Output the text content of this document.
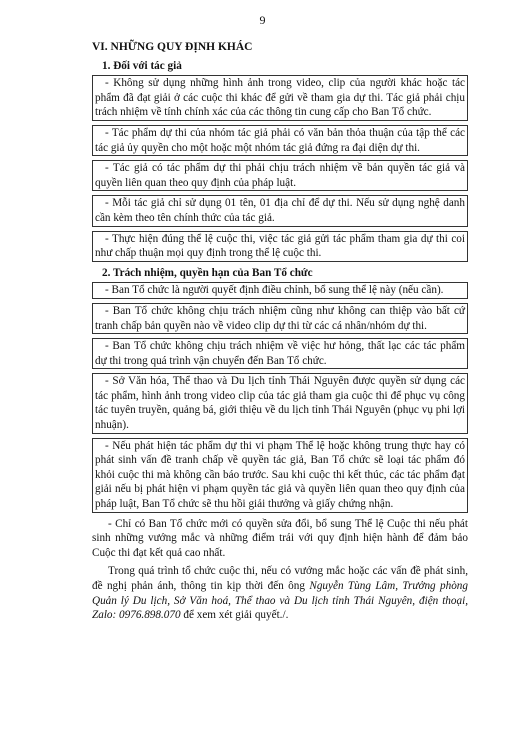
9
VI. NHỮNG QUY ĐỊNH KHÁC
1. Đối với tác giả
- Không sử dụng những hình ảnh trong video, clip của người khác hoặc tác phẩm đã đạt giải ở các cuộc thi khác để gửi về tham gia dự thi. Tác giả phải chịu trách nhiệm về tính chính xác của các thông tin cung cấp cho Ban Tổ chức.
- Tác phẩm dự thi của nhóm tác giả phải có văn bản thỏa thuận của tập thể các tác giả ủy quyền cho một hoặc một nhóm tác giả đứng ra đại diện dự thi.
- Tác giả có tác phẩm dự thi phải chịu trách nhiệm về bản quyền tác giả và quyền liên quan theo quy định của pháp luật.
- Mỗi tác giả chỉ sử dụng 01 tên, 01 địa chỉ để dự thi. Nếu sử dụng nghệ danh cần kèm theo tên chính thức của tác giả.
- Thực hiện đúng thể lệ cuộc thi, việc tác giả gửi tác phẩm tham gia dự thi coi như chấp thuận mọi quy định trong thể lệ cuộc thi.
2. Trách nhiệm, quyền hạn của Ban Tổ chức
- Ban Tổ chức là người quyết định điều chỉnh, bổ sung thể lệ này (nếu cần).
- Ban Tổ chức không chịu trách nhiệm cũng như không can thiệp vào bất cứ tranh chấp bản quyền nào về video clip dự thi từ các cá nhân/nhóm dự thi.
- Ban Tổ chức không chịu trách nhiệm về việc hư hỏng, thất lạc các tác phẩm dự thi trong quá trình vận chuyển đến Ban Tổ chức.
- Sở Văn hóa, Thể thao và Du lịch tỉnh Thái Nguyên được quyền sử dụng các tác phẩm, hình ảnh trong video clip của tác giả tham gia cuộc thi để phục vụ công tác tuyên truyền, quảng bá, giới thiệu về du lịch tỉnh Thái Nguyên (phục vụ phi lợi nhuận).
- Nếu phát hiện tác phẩm dự thi vi phạm Thể lệ hoặc không trung thực hay có phát sinh vấn đề tranh chấp về quyền tác giả, Ban Tổ chức sẽ loại tác phẩm đó khỏi cuộc thi mà không cần báo trước. Sau khi cuộc thi kết thúc, các tác phẩm đạt giải nếu bị phát hiện vi phạm quyền tác giả và quyền liên quan theo quy định của pháp luật, Ban Tổ chức sẽ thu hồi giải thưởng và giấy chứng nhận.
- Chỉ có Ban Tổ chức mới có quyền sửa đổi, bổ sung Thể lệ Cuộc thi nếu phát sinh những vướng mắc và những điểm trái với quy định hiện hành để đảm bảo Cuộc thi đạt kết quả cao nhất.
Trong quá trình tổ chức cuộc thi, nếu có vướng mắc hoặc các vấn đề phát sinh, đề nghị phản ánh, thông tin kịp thời đến ông Nguyễn Tùng Lâm, Trưởng phòng Quản lý Du lịch, Sở Văn hoá, Thể thao và Du lịch tỉnh Thái Nguyên, điện thoại, Zalo: 0976.898.070 để xem xét giải quyết./.
